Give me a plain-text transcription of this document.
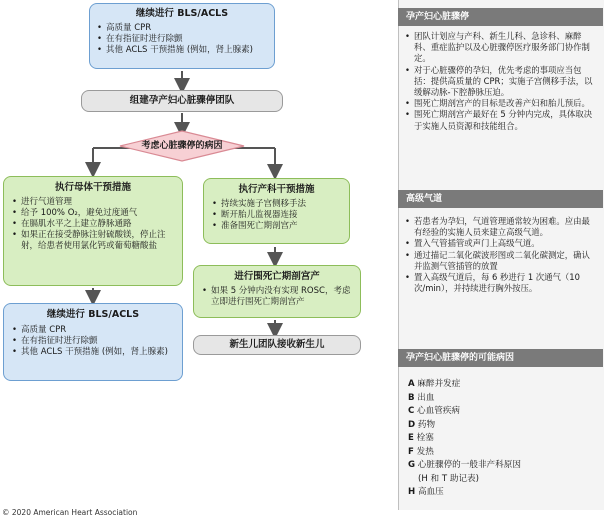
继续进行 BLS/ACLS
• 高质量 CPR
• 在有指征时进行除颤
• 其他 ACLS 干预措施 (例如，肾上腺素)
组建孕产妇心脏骤停团队
考虑心脏骤停的病因
执行母体干预措施
• 进行气道管理
• 给予 100% O₂，避免过度通气
• 在膈肌水平之上建立静脉通路
• 如果正在接受静脉注射硫酸镁，停止注射，给患者使用氯化钙或葡萄糖酸盐
执行产科干预措施
• 持续实施子宫侧移手法
• 断开胎儿监视器连接
• 准备围死亡期剖宫产
进行围死亡期剖宫产
• 如果 5 分钟内没有实现 ROSC，考虑立即进行围死亡期剖宫产
新生儿团队接收新生儿
继续进行 BLS/ACLS
• 高质量 CPR
• 在有指征时进行除颤
• 其他 ACLS 干预措施 (例如，肾上腺素)
孕产妇心脏骤停
• 团队计划应与产科、新生儿科、急诊科、麻醉科、重症监护以及心脏骤停医疗服务部门协作制定。
• 对于心脏骤停的孕妇，优先考虑的事项应当包括：提供高质量的 CPR；实施子宫侧移手法，以缓解动脉-下腔静脉压迫。
• 围死亡期剖宫产的目标是改善产妇和胎儿预后。
• 围死亡期剖宫产最好在 5 分钟内完成，具体取决于实施人员资源和技能组合。
高级气道
• 若患者为孕妇，气道管理通常较为困难。应由最有经验的实施人员来建立高级气道。
• 置入气管插管或声门上高级气道。
• 通过描记二氧化碳波形图或二氧化碳测定，确认并监测气管插管的放置
• 置入高级气道后，每 6 秒进行 1 次通气（10 次/min），并持续进行胸外按压。
孕产妇心脏骤停的可能病因
A 麻醉并发症
B 出血
C 心血管疾病
D 药物
E 栓塞
F 发热
G 心脏骤停的一般非产科原因
(H 和 T 助记表)
H 高血压
© 2020 American Heart Association
